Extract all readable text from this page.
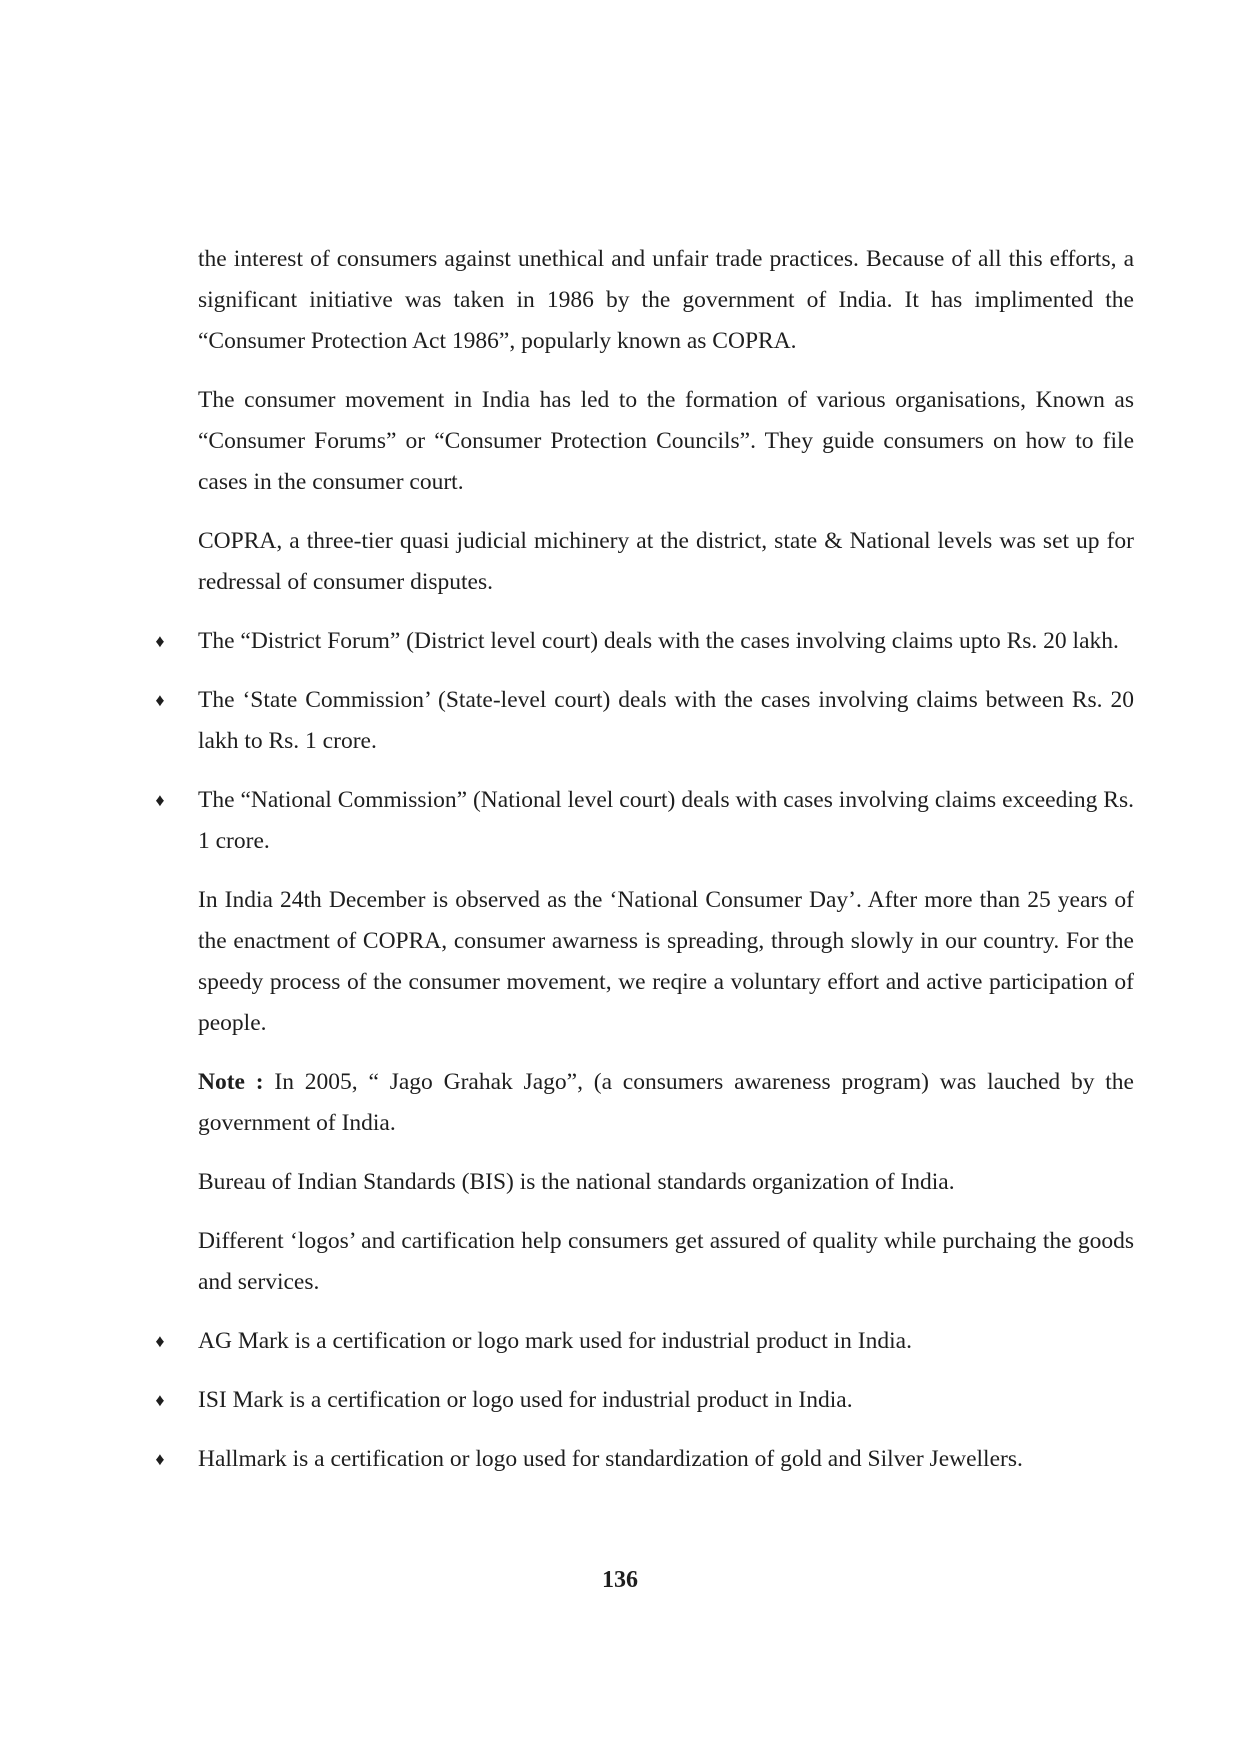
the interest of consumers against unethical and unfair trade practices. Because of all this efforts, a significant initiative was taken in 1986 by the government of India. It has implimented the “Consumer Protection Act 1986”, popularly known as COPRA.

The consumer movement in India has led to the formation of various organisations, Known as “Consumer Forums” or “Consumer Protection Councils”. They guide consumers on how to file cases in the consumer court.

COPRA, a three-tier quasi judicial michinery at the district, state & National levels was set up for redressal of consumer disputes.

♦ The “District Forum” (District level court) deals with the cases involving claims upto Rs. 20 lakh.
♦ The ‘State Commission’ (State-level court) deals with the cases involving claims between Rs. 20 lakh to Rs. 1 crore.
♦ The “National Commission” (National level court) deals with cases involving claims exceeding Rs. 1 crore.

In India 24th December is observed as the ‘National Consumer Day’. After more than 25 years of the enactment of COPRA, consumer awarness is spreading, through slowly in our country. For the speedy process of the consumer movement, we reqire a voluntary effort and active participation of people.

Note : In 2005, “ Jago Grahak Jago”, (a consumers awareness program) was lauched by the government of India.

Bureau of Indian Standards (BIS) is the national standards organization of India.

Different ‘logos’ and cartification help consumers get assured of quality while purchaing the goods and services.

♦ AG Mark is a certification or logo mark used for industrial product in India.
♦ ISI Mark is a certification or logo used for industrial product in India.
♦ Hallmark is a certification or logo used for standardization of gold and Silver Jewellers.
136
